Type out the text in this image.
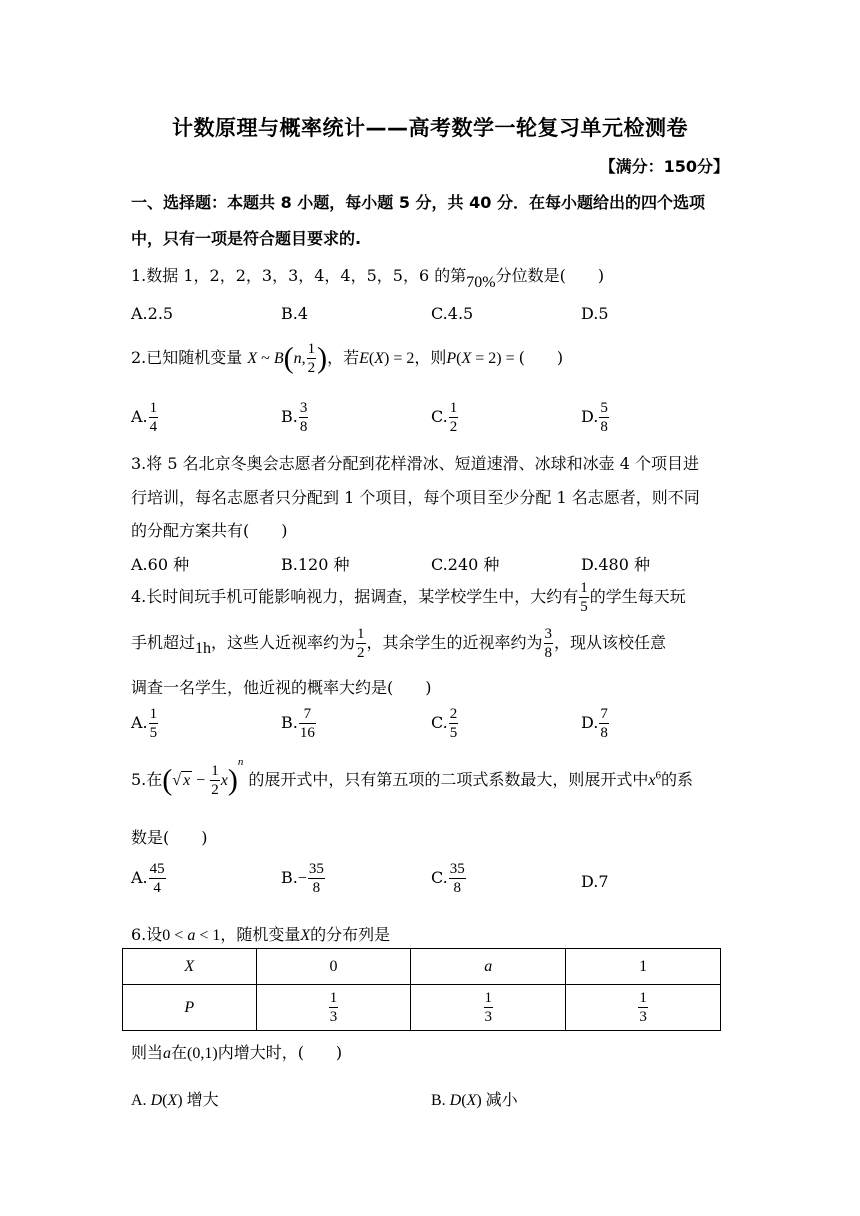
计数原理与概率统计——高考数学一轮复习单元检测卷
【满分：150分】
一、选择题：本题共 8 小题，每小题 5 分，共 40 分．在每小题给出的四个选项
中，只有一项是符合题目要求的.
1.数据 1，2，2，3，3，4，4，5，5，6 的第70%分位数是(　　)
A.2.5	B.4	C.4.5	D.5
2.已知随机变量 X ~ B(n, $\frac{1}{2}$ )，若E(X) = 2，则P(X = 2) = (　　)
A. $\frac{1}{4}$	B. $\frac{3}{8}$	C. $\frac{1}{2}$	D. $\frac{5}{8}$
3.将 5 名北京冬奥会志愿者分配到花样滑冰、短道速滑、冰球和冰壶 4 个项目进
行培训，每名志愿者只分配到 1 个项目，每个项目至少分配 1 名志愿者，则不同
的分配方案共有(　　)
A.60 种	B.120 种	C.240 种	D.480 种
4.长时间玩手机可能影响视力，据调查，某学校学生中，大约有 $\frac{1}{5}$ 的学生每天玩
手机超过1h，这些人近视率约为 $\frac{1}{2}$ ，其余学生的近视率约为 $\frac{3}{8}$ ，现从该校任意
调查一名学生，他近视的概率大约是(　　)
A. $\frac{1}{5}$	B. $\frac{7}{16}$	C. $\frac{2}{5}$	D. $\frac{7}{8}$
5.在(√ $x - \frac{1}{2} x)^n$ 的展开式中，只有第五项的二项式系数最大，则展开式中$x^6$的系
数是(　　)
A. $\frac{45}{4}$	$B.- \frac{35}{8}$	C. $\frac{35}{8}$	D.7
6.设0 < a < 1，随机变量X的分布列是
X	0	a	1
P	$\frac{1}{3}$	$\frac{1}{3}$	$\frac{1}{3}$
则当a在(0,1)内增大时，(　　)
A. D(X) 增大	B. D(X) 减小
